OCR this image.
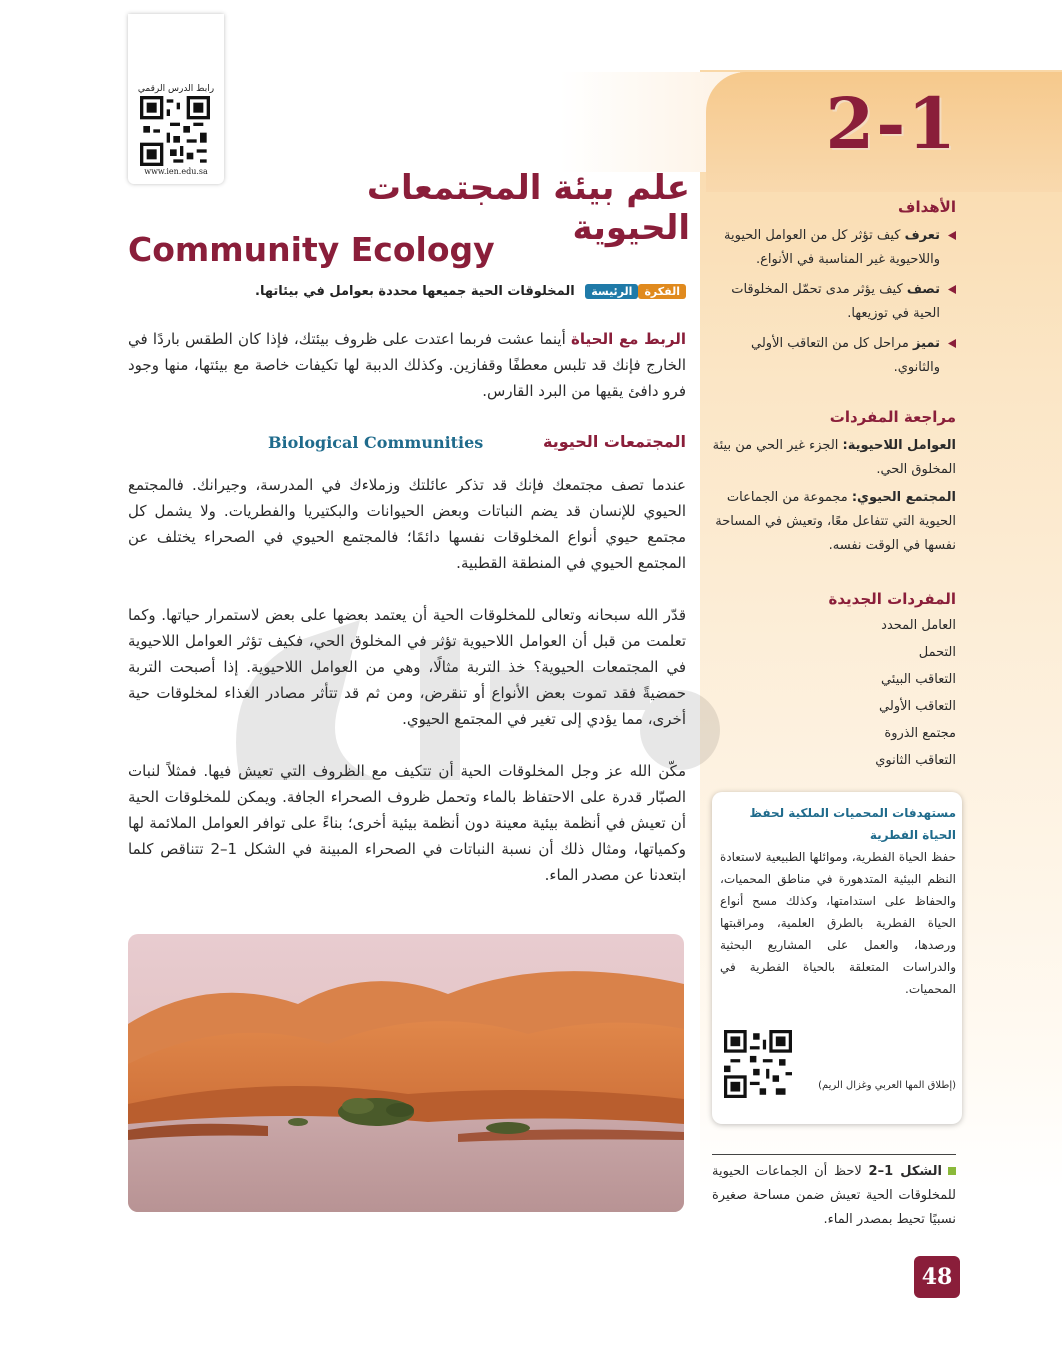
2-1
رابط الدرس الرقمي
www.ien.edu.sa	علم بيئة المجتمعات الحيوية
Community Ecology
الفكرةالرئيسة المخلوقات الحية جميعها محددة بعوامل في بيئاتها.
الربط مع الحياة أينما عشت فربما اعتدت على ظروف بيئتك، فإذا كان الطقس باردًا في الخارج فإنك قد تلبس معطفًا وقفازين. وكذلك الدببة لها تكيفات خاصة مع بيئتها، منها وجود فرو دافئ يقيها من البرد القارس.
المجتمعات الحيوية
Biological Communities
عندما تصف مجتمعك فإنك قد تذكر عائلتك وزملاءك في المدرسة، وجيرانك. فالمجتمع الحيوي للإنسان قد يضم النباتات وبعض الحيوانات والبكتيريا والفطريات. ولا يشمل كل مجتمع حيوي أنواع المخلوقات نفسها دائمًا؛ فالمجتمع الحيوي في الصحراء يختلف عن المجتمع الحيوي في المنطقة القطبية.
قدّر الله سبحانه وتعالى للمخلوقات الحية أن يعتمد بعضها على بعض لاستمرار حياتها. وكما تعلمت من قبل أن العوامل اللاحيوية تؤثر في المخلوق الحي، فكيف تؤثر العوامل اللاحيوية في المجتمعات الحيوية؟ خذ التربة مثالًا، وهي من العوامل اللاحيوية. إذا أصبحت التربة حمضيةً فقد تموت بعض الأنواع أو تنقرض، ومن ثم قد تتأثر مصادر الغذاء لمخلوقات حية أخرى، مما يؤدي إلى تغير في المجتمع الحيوي.
مكّن الله عز وجل المخلوقات الحية أن تتكيف مع الظروف التي تعيش فيها. فمثلاً لنبات الصبّار قدرة على الاحتفاظ بالماء وتحمل ظروف الصحراء الجافة. ويمكن للمخلوقات الحية أن تعيش في أنظمة بيئية معينة دون أنظمة بيئية أخرى؛ بناءً على توافر العوامل الملائمة لها وكمياتها، ومثال ذلك أن نسبة النباتات في الصحراء المبينة في الشكل 1–2 تتناقص كلما ابتعدنا عن مصدر الماء.
الأهداف
تعرف كيف تؤثر كل من العوامل الحيوية واللاحيوية غير المناسبة في الأنواع.
تصف كيف يؤثر مدى تحمّل المخلوقات الحية في توزيعها.
تميز مراحل كل من التعاقب الأولي والثانوي.
مراجعة المفردات
العوامل اللاحيوية: الجزء غير الحي من بيئة المخلوق الحي.
المجتمع الحيوي: مجموعة من الجماعات الحيوية التي تتفاعل معًا، وتعيش في المساحة نفسها في الوقت نفسه.
المفردات الجديدة
العامل المحدد
التحمل
التعاقب البيئي
التعاقب الأولي
مجتمع الذروة
التعاقب الثانوي
مستهدفات المحميات الملكية لحفظ الحياة الفطرية
حفظ الحياة الفطرية، وموائلها الطبيعية لاستعادة النظم البيئية المتدهورة في مناطق المحميات، والحفاظ على استدامتها، وكذلك مسح أنواع الحياة الفطرية بالطرق العلمية، ومراقبتها ورصدها، والعمل على المشاريع البحثية والدراسات المتعلقة بالحياة الفطرية في المحميات.
(إطلاق المها العربي وغزال الريم)
الشكل 1–2 لاحظ أن الجماعات الحيوية للمخلوقات الحية تعيش ضمن مساحة صغيرة نسبيًا تحيط بمصدر الماء.
48
